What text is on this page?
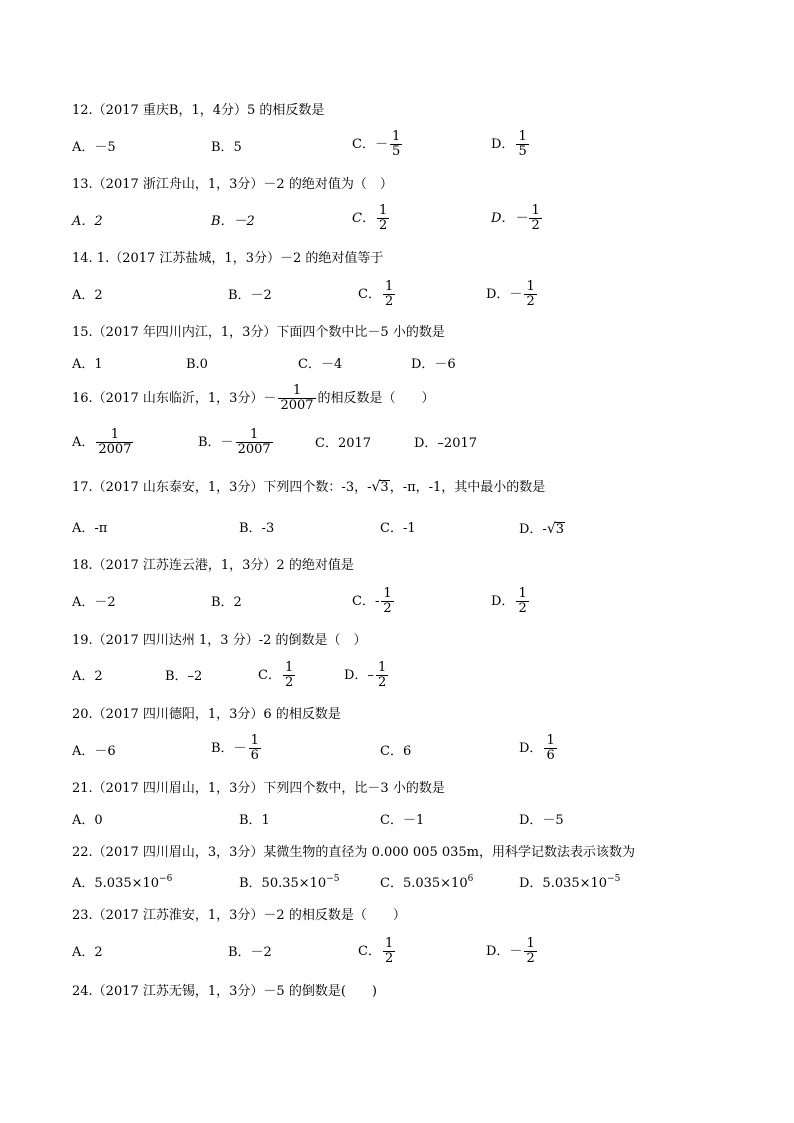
12.（2017 重庆B，1，4分）5 的相反数是
A．－5	B．5	C．－ $\frac{1}{5}$	D． $\frac{1}{5}$
13.（2017 浙江舟山，1，3分）－2 的绝对值为（　）
A．2	B．－2	C． $\frac{1}{2}$	D．－ $\frac{1}{2}$
14. 1.（2017 江苏盐城，1，3分）－2 的绝对值等于
A．2	B．－2	C． $\frac{1}{2}$	D．－ $\frac{1}{2}$
15.（2017 年四川内江，1，3分）下面四个数中比－5 小的数是
A．1	B.0	C．－4	D．－6
16.（2017 山东临沂，1，3分）－ $\frac{1}{2007}$ 的相反数是（　　）
A． $\frac{1}{2007}$	B．－ $\frac{1}{2007}$	C．2017	D．–2017
17.（2017 山东泰安，1，3分）下列四个数：-3，-√3，-π，-1，其中最小的数是
A．-π	B．-3	C．-1	D．-√3
18.（2017 江苏连云港，1，3分）2 的绝对值是
A．－2	B．2	C．- $\frac{1}{2}$	D． $\frac{1}{2}$
19.（2017 四川达州 1，3 分）-2 的倒数是（　）
A．2	B．–2	C． $\frac{1}{2}$	D．– $\frac{1}{2}$
20.（2017 四川德阳，1，3分）6 的相反数是
A．－6	B．－ $\frac{1}{6}$	C．6	D． $\frac{1}{6}$
21.（2017 四川眉山，1，3分）下列四个数中，比－3 小的数是
A．0	B．1	C．－1	D．－5
22.（2017 四川眉山，3，3分）某微生物的直径为 0.000 005 035m，用科学记数法表示该数为
A．$5.035\times 10^{-6}$	B．$50.35\times 10^{-5}$	C．$5.035\times 10^6$	D．$5.035\times 10^{-5}$
23.（2017 江苏淮安，1，3分）－2 的相反数是（　　）
A．2	B．－2	C． $\frac{1}{2}$	D．－ $\frac{1}{2}$
24.（2017 江苏无锡，1，3分）－5 的倒数是(　　)
